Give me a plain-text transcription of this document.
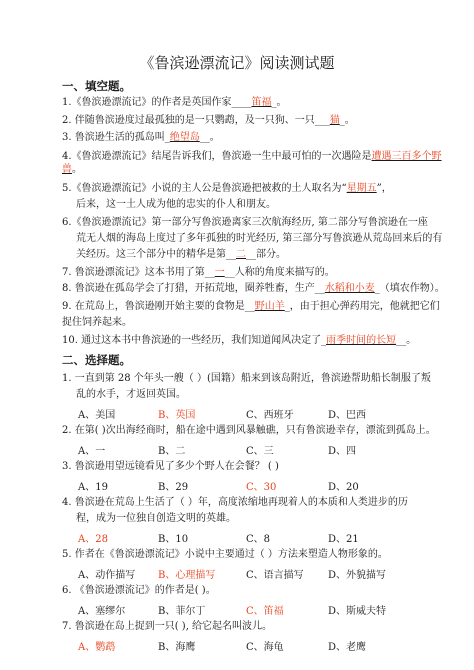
《鲁滨逊漂流记》阅读测试题
一、填空题。
1.《鲁滨逊漂流记》的作者是英国作家____笛福_。
2. 伴随鲁滨逊度过最孤独的是一只鹦鹉，及一只狗、一只___猫_。
3. 鲁滨逊生活的孤岛叫_绝望岛__。
4.《鲁滨逊漂流记》结尾告诉我们，鲁滨逊一生中最可怕的一次遇险是遭遇三百多个野
兽。
5.《鲁滨逊漂流记》小说的主人公是鲁滨逊把被救的土人取名为“星期五”，
后来，这一土人成为他的忠实的仆人和朋友。
6.《鲁滨逊漂流记》第一部分写鲁滨逊离家三次航海经历, 第二部分写鲁滨逊在一座
荒无人烟的海岛上度过了多年孤独的时光经历, 第三部分写鲁滨逊从荒岛回来后的有
关经历。这三个部分中的精华是第__二__部分。
7. 鲁滨逊漂流记》这本书用了第__一__人称的角度来描写的。
8. 鲁滨逊在孤岛学会了打猎，开拓荒地，圈养牲畜，生产__水稻和小麦_（填农作物）。
9. 在荒岛上，鲁滨逊刚开始主要的食物是__野山羊_，由于担心弹药用完，他就把它们
捉住饲养起来。
10. 通过这本书中鲁滨逊的一些经历，我们知道闻风决定了_雨季时间的长短__。
二、选择题。
1. 一直到第 28 个年头一艘（ ）(国籍）船来到该岛附近，鲁滨逊帮助船长制服了叛
乱的水手，才返回英国。
A、美国	B、英国	C、西班牙	D、巴西
2. 在第( )次出海经商时，船在途中遇到风暴触礁，只有鲁滨逊幸存，漂流到孤岛上。
A、一	B、二	C、三	D、四
3. 鲁滨逊用望远镜看见了多少个野人在会餐？ ( )
A、19	B、29	C、30	D、20
4. 鲁滨逊在荒岛上生活了（ ）年，高度浓缩地再现着人的本质和人类进步的历
程，成为一位独自创造文明的英雄。
A、28	B、10	C、8	D、21
5. 作者在《鲁滨逊漂流记》小说中主要通过（ ）方法来塑造人物形象的。
A、动作描写 B、心理描写	C、语言描写 D、外貌描写
6. 《鲁滨逊漂流记》的作者是( )。
A、塞缪尔	B、菲尔丁	C、笛福	D、斯威夫特
7. 鲁滨逊在岛上捉到一只( ), 给它起名叫波儿。
A、鹦鹉	B、海鹰	C、海龟	D、老鹰
